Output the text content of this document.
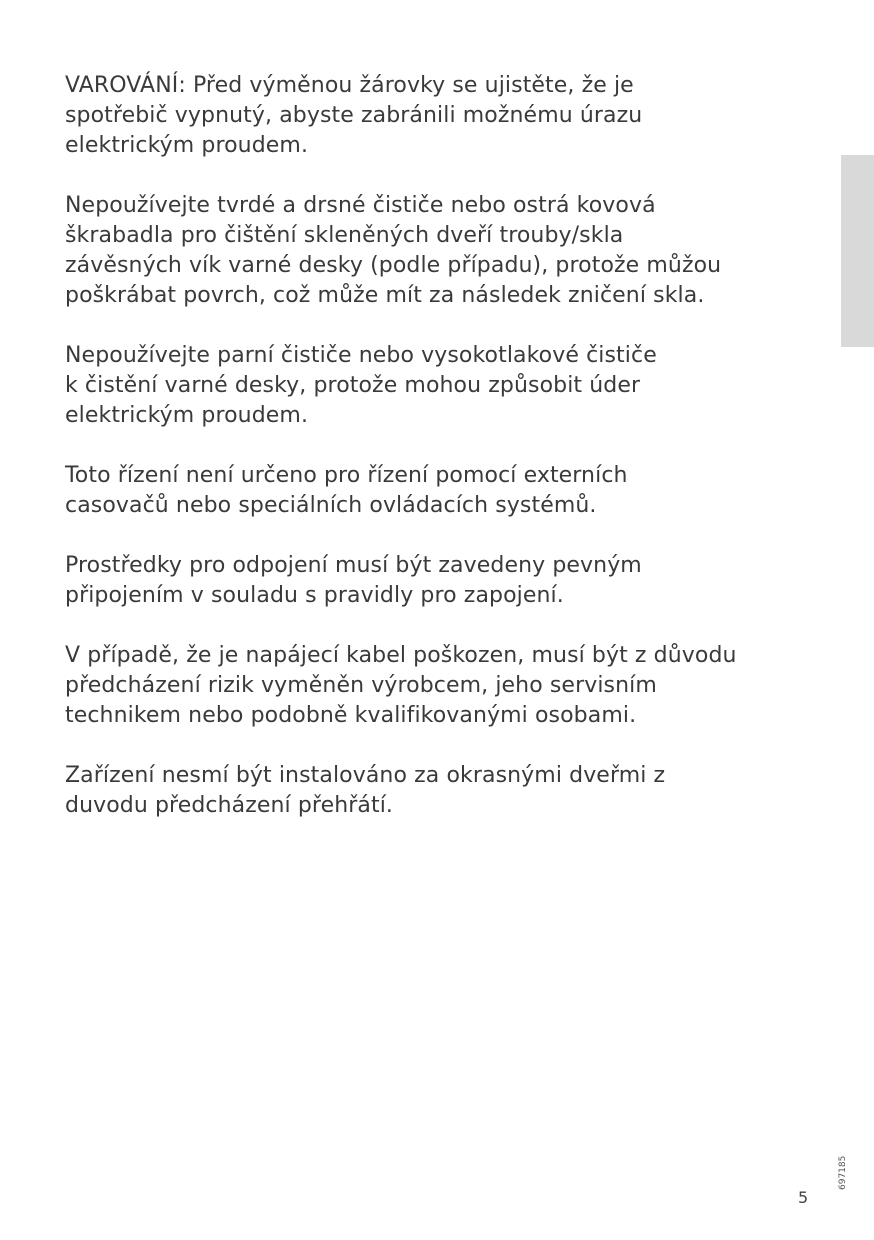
VAROVÁNÍ: Před výměnou žárovky se ujistěte, že je
spotřebič vypnutý, abyste zabránili možnému úrazu
elektrickým proudem.

Nepoužívejte tvrdé a drsné čističe nebo ostrá kovová
škrabadla pro čištění skleněných dveří trouby/skla
závěsných vík varné desky (podle případu), protože můžou
poškrábat povrch, což může mít za následek zničení skla.

Nepoužívejte parní čističe nebo vysokotlakové čističe
k čistění varné desky, protože mohou způsobit úder
elektrickým proudem.

Toto řízení není určeno pro řízení pomocí externích
casovačů nebo speciálních ovládacích systémů.

Prostředky pro odpojení musí být zavedeny pevným
připojením v souladu s pravidly pro zapojení.

V případě, že je napájecí kabel poškozen, musí být z důvodu
předcházení rizik vyměněn výrobcem, jeho servisním
technikem nebo podobně kvalifikovanými osobami.

Zařízení nesmí být instalováno za okrasnými dveřmi z
duvodu předcházení přehřátí.

697185
5
